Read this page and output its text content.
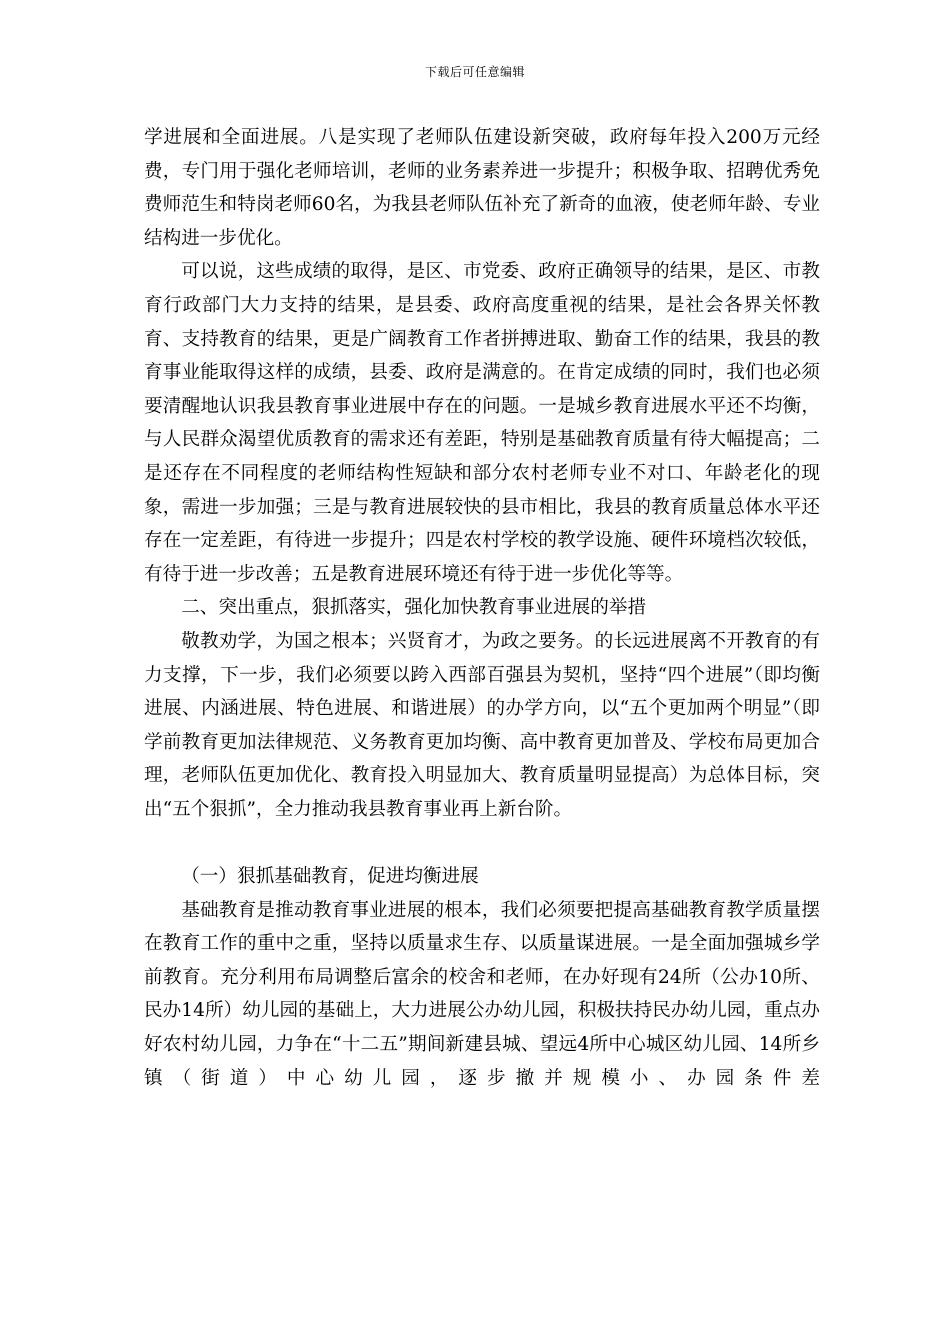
下载后可任意编辑

学进展和全面进展。八是实现了老师队伍建设新突破，政府每年投入200万元经费，专门用于强化老师培训，老师的业务素养进一步提升；积极争取、招聘优秀免费师范生和特岗老师60名，为我县老师队伍补充了新奇的血液，使老师年龄、专业结构进一步优化。

可以说，这些成绩的取得，是区、市党委、政府正确领导的结果，是区、市教育行政部门大力支持的结果，是县委、政府高度重视的结果，是社会各界关怀教育、支持教育的结果，更是广阔教育工作者拼搏进取、勤奋工作的结果，我县的教育事业能取得这样的成绩，县委、政府是满意的。在肯定成绩的同时，我们也必须要清醒地认识我县教育事业进展中存在的问题。一是城乡教育进展水平还不均衡，与人民群众渴望优质教育的需求还有差距，特别是基础教育质量有待大幅提高；二是还存在不同程度的老师结构性短缺和部分农村老师专业不对口、年龄老化的现象，需进一步加强；三是与教育进展较快的县市相比，我县的教育质量总体水平还存在一定差距，有待进一步提升；四是农村学校的教学设施、硬件环境档次较低，有待于进一步改善；五是教育进展环境还有待于进一步优化等等。

二、突出重点，狠抓落实，强化加快教育事业进展的举措

敬教劝学，为国之根本；兴贤育才，为政之要务。的长远进展离不开教育的有力支撑，下一步，我们必须要以跨入西部百强县为契机，坚持“四个进展”（即均衡进展、内涵进展、特色进展、和谐进展）的办学方向，以“五个更加两个明显”（即学前教育更加法律规范、义务教育更加均衡、高中教育更加普及、学校布局更加合理，老师队伍更加优化、教育投入明显加大、教育质量明显提高）为总体目标，突出“五个狠抓”，全力推动我县教育事业再上新台阶。

（一）狠抓基础教育，促进均衡进展

基础教育是推动教育事业进展的根本，我们必须要把提高基础教育教学质量摆在教育工作的重中之重，坚持以质量求生存、以质量谋进展。一是全面加强城乡学前教育。充分利用布局调整后富余的校舍和老师，在办好现有24所（公办10所、民办14所）幼儿园的基础上，大力进展公办幼儿园，积极扶持民办幼儿园，重点办好农村幼儿园，力争在“十二五”期间新建县城、望远4所中心城区幼儿园、14所乡镇（街道）中心幼儿园，逐步撤并规模小、办园条件差
